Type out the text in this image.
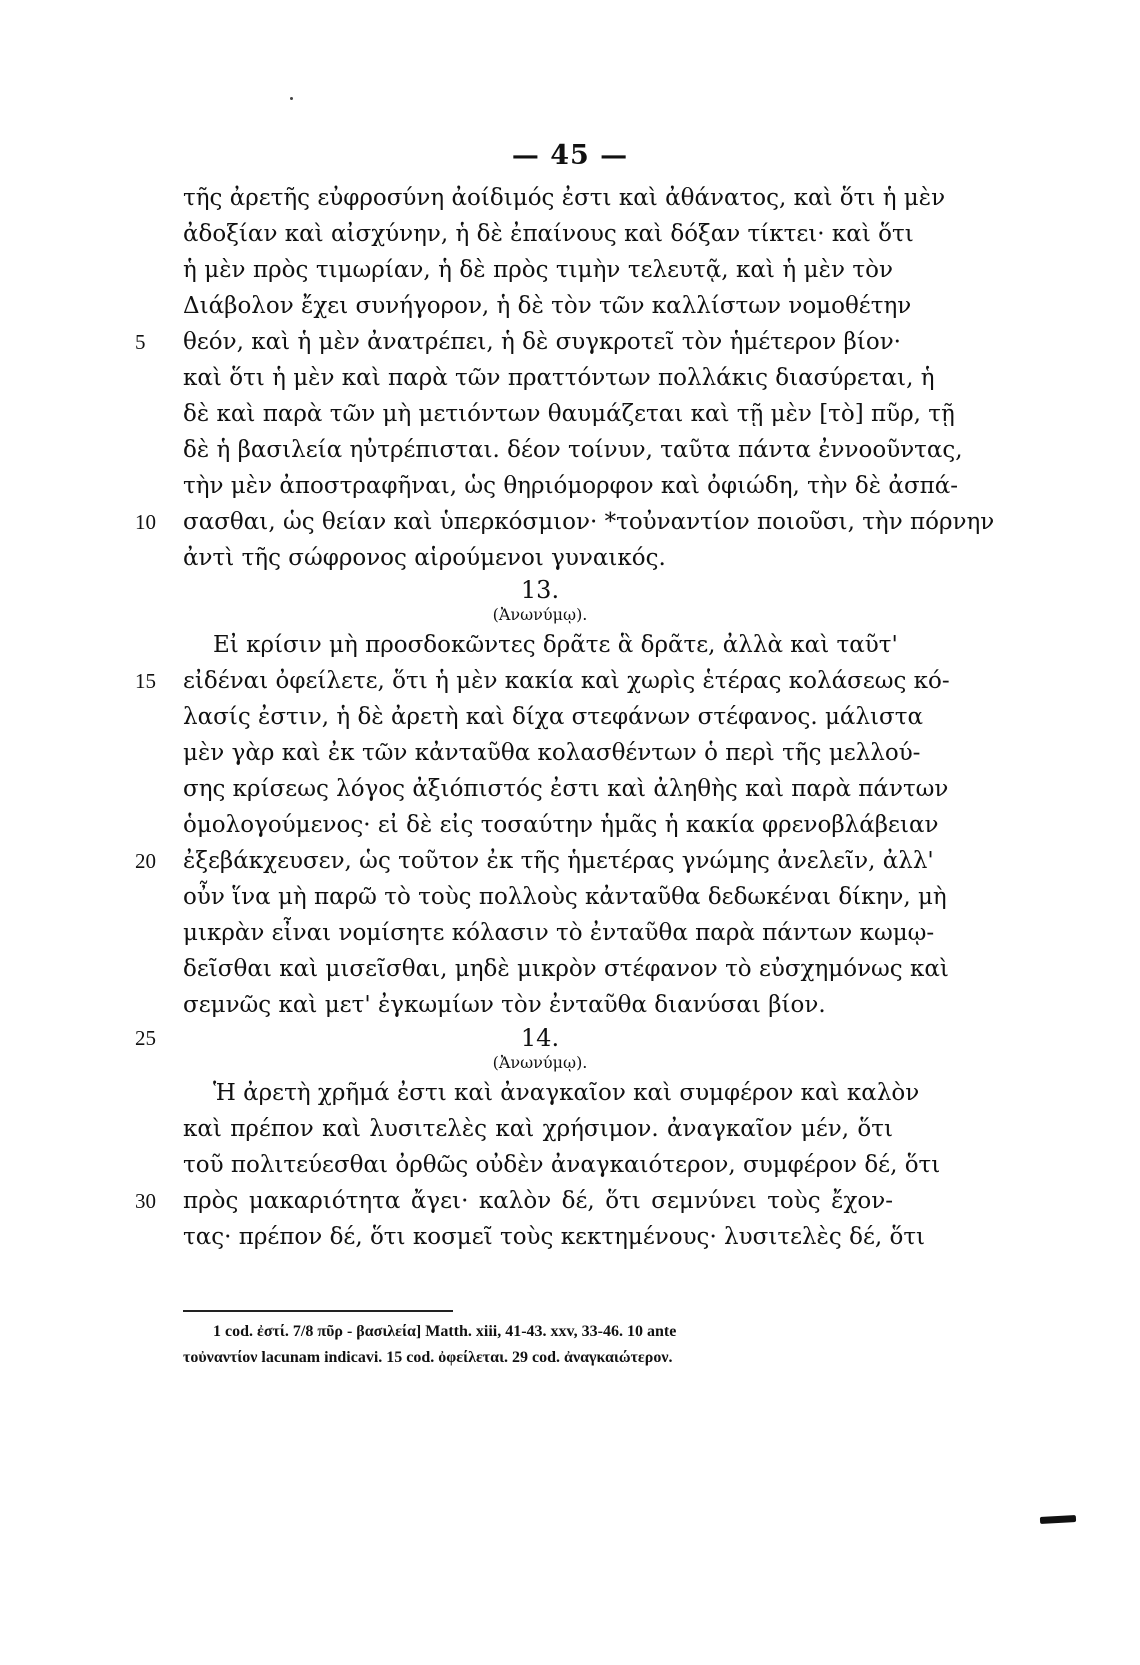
— 45 —
τῆς ἀρετῆς εὐφροσύνη ἀοίδιμός ἐστι καὶ ἀθάνατος, καὶ ὅτι ἡ μὲν
ἀδοξίαν καὶ αἰσχύνην, ἡ δὲ ἐπαίνους καὶ δόξαν τίκτει· καὶ ὅτι
ἡ μὲν πρὸς τιμωρίαν, ἡ δὲ πρὸς τιμὴν τελευτᾷ, καὶ ἡ μὲν τὸν
Διάβολον ἔχει συνήγορον, ἡ δὲ τὸν τῶν καλλίστων νομοθέτην
θεόν, καὶ ἡ μὲν ἀνατρέπει, ἡ δὲ συγκροτεῖ τὸν ἡμέτερον βίον·
καὶ ὅτι ἡ μὲν καὶ παρὰ τῶν πραττόντων πολλάκις διασύρεται, ἡ
δὲ καὶ παρὰ τῶν μὴ μετιόντων θαυμάζεται καὶ τῇ μὲν [τὸ] πῦρ, τῇ
δὲ ἡ βασιλεία ηὐτρέπισται. δέον τοίνυν, ταῦτα πάντα ἐννοοῦντας,
τὴν μὲν ἀποστραφῆναι, ὡς θηριόμορφον καὶ ὀφιώδη, τὴν δὲ ἀσπά-
σασθαι, ὡς θείαν καὶ ὑπερκόσμιον· *τοὐναντίον ποιοῦσι, τὴν πόρνην
ἀντὶ τῆς σώφρονος αἱρούμενοι γυναικός.
13.
(Ἀνωνύμῳ).
Εἰ κρίσιν μὴ προσδοκῶντες δρᾶτε ἃ δρᾶτε, ἀλλὰ καὶ ταῦτ'
εἰδέναι ὀφείλετε, ὅτι ἡ μὲν κακία καὶ χωρὶς ἑτέρας κολάσεως κό-
λασίς ἐστιν, ἡ δὲ ἀρετὴ καὶ δίχα στεφάνων στέφανος. μάλιστα
μὲν γὰρ καὶ ἐκ τῶν κἀνταῦθα κολασθέντων ὁ περὶ τῆς μελλού-
σης κρίσεως λόγος ἀξιόπιστός ἐστι καὶ ἀληθὴς καὶ παρὰ πάντων
ὁμολογούμενος· εἰ δὲ εἰς τοσαύτην ἡμᾶς ἡ κακία φρενοβλάβειαν
ἐξεβάκχευσεν, ὡς τοῦτον ἐκ τῆς ἡμετέρας γνώμης ἀνελεῖν, ἀλλ'
οὖν ἵνα μὴ παρῶ τὸ τοὺς πολλοὺς κἀνταῦθα δεδωκέναι δίκην, μὴ
μικρὰν εἶναι νομίσητε κόλασιν τὸ ἐνταῦθα παρὰ πάντων κωμῳ-
δεῖσθαι καὶ μισεῖσθαι, μηδὲ μικρὸν στέφανον τὸ εὐσχημόνως καὶ
σεμνῶς καὶ μετ' ἐγκωμίων τὸν ἐνταῦθα διανύσαι βίον.
14.
(Ἀνωνύμῳ).
Ἡ ἀρετὴ χρῆμά ἐστι καὶ ἀναγκαῖον καὶ συμφέρον καὶ καλὸν
καὶ πρέπον καὶ λυσιτελὲς καὶ χρήσιμον. ἀναγκαῖον μέν, ὅτι
τοῦ πολιτεύεσθαι ὀρθῶς οὐδὲν ἀναγκαιότερον, συμφέρον δέ, ὅτι
πρὸς μακαριότητα ἄγει· καλὸν δέ, ὅτι σεμνύνει τοὺς ἔχον-
τας· πρέπον δέ, ὅτι κοσμεῖ τοὺς κεκτημένους· λυσιτελὲς δέ, ὅτι
5
10
15
20
25
30
1 cod. ἐστί. 7/8 πῦρ - βασιλεία] Matth. xiii, 41-43. xxv, 33-46. 10 ante
τοὐναντίον lacunam indicavi. 15 cod. ὀφείλεται. 29 cod. ἀναγκαιώτερον.
